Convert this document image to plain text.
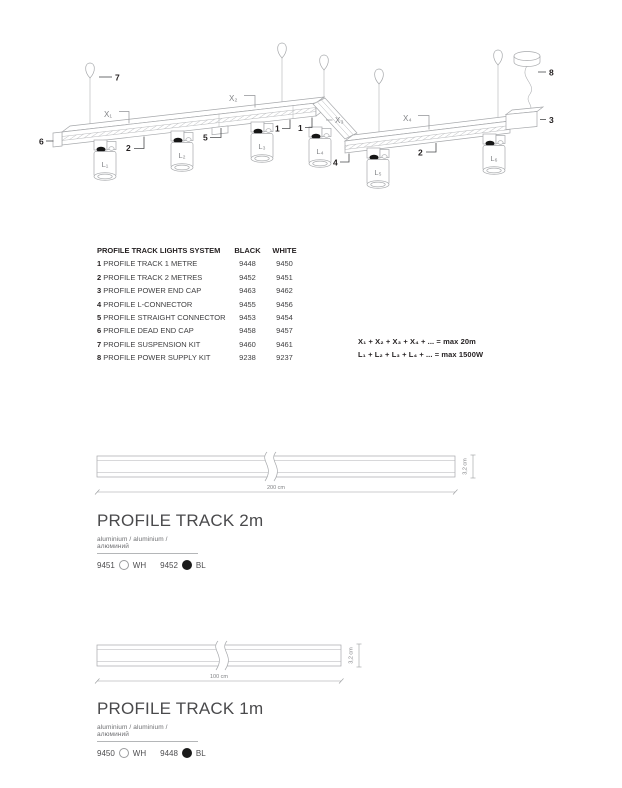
L₁
L₂
L₃
L₄
L₅
L₆
X₁
X₂
X₃	X₄
7	8
3
6
2
5
1 1
4
2
PROFILE TRACK LIGHTS SYSTEM	BLACK	WHITE
1 PROFILE TRACK 1 METRE	9448	9450
2 PROFILE TRACK 2 METRES	9452	9451
3 PROFILE POWER END CAP	9463	9462
4 PROFILE L-CONNECTOR	9455	9456
5 PROFILE STRAIGHT CONNECTOR	9453	9454
6 PROFILE DEAD END CAP	9458	9457
7 PROFILE SUSPENSION KIT	9460	9461
8 PROFILE POWER SUPPLY KIT	9238	9237
X₁ + X₂ + X₃ + X₄ + ... = max 20m
L₁ + L₂ + L₃ + L₄ + ... = max 1500W
3,2 cm
200 cm
PROFILE TRACK 2m
aluminium / aluminium / алюминий
9451 WH 9452 BL
3,2 cm
100 cm
PROFILE TRACK 1m
aluminium / aluminium / алюминий
9450 WH 9448 BL
